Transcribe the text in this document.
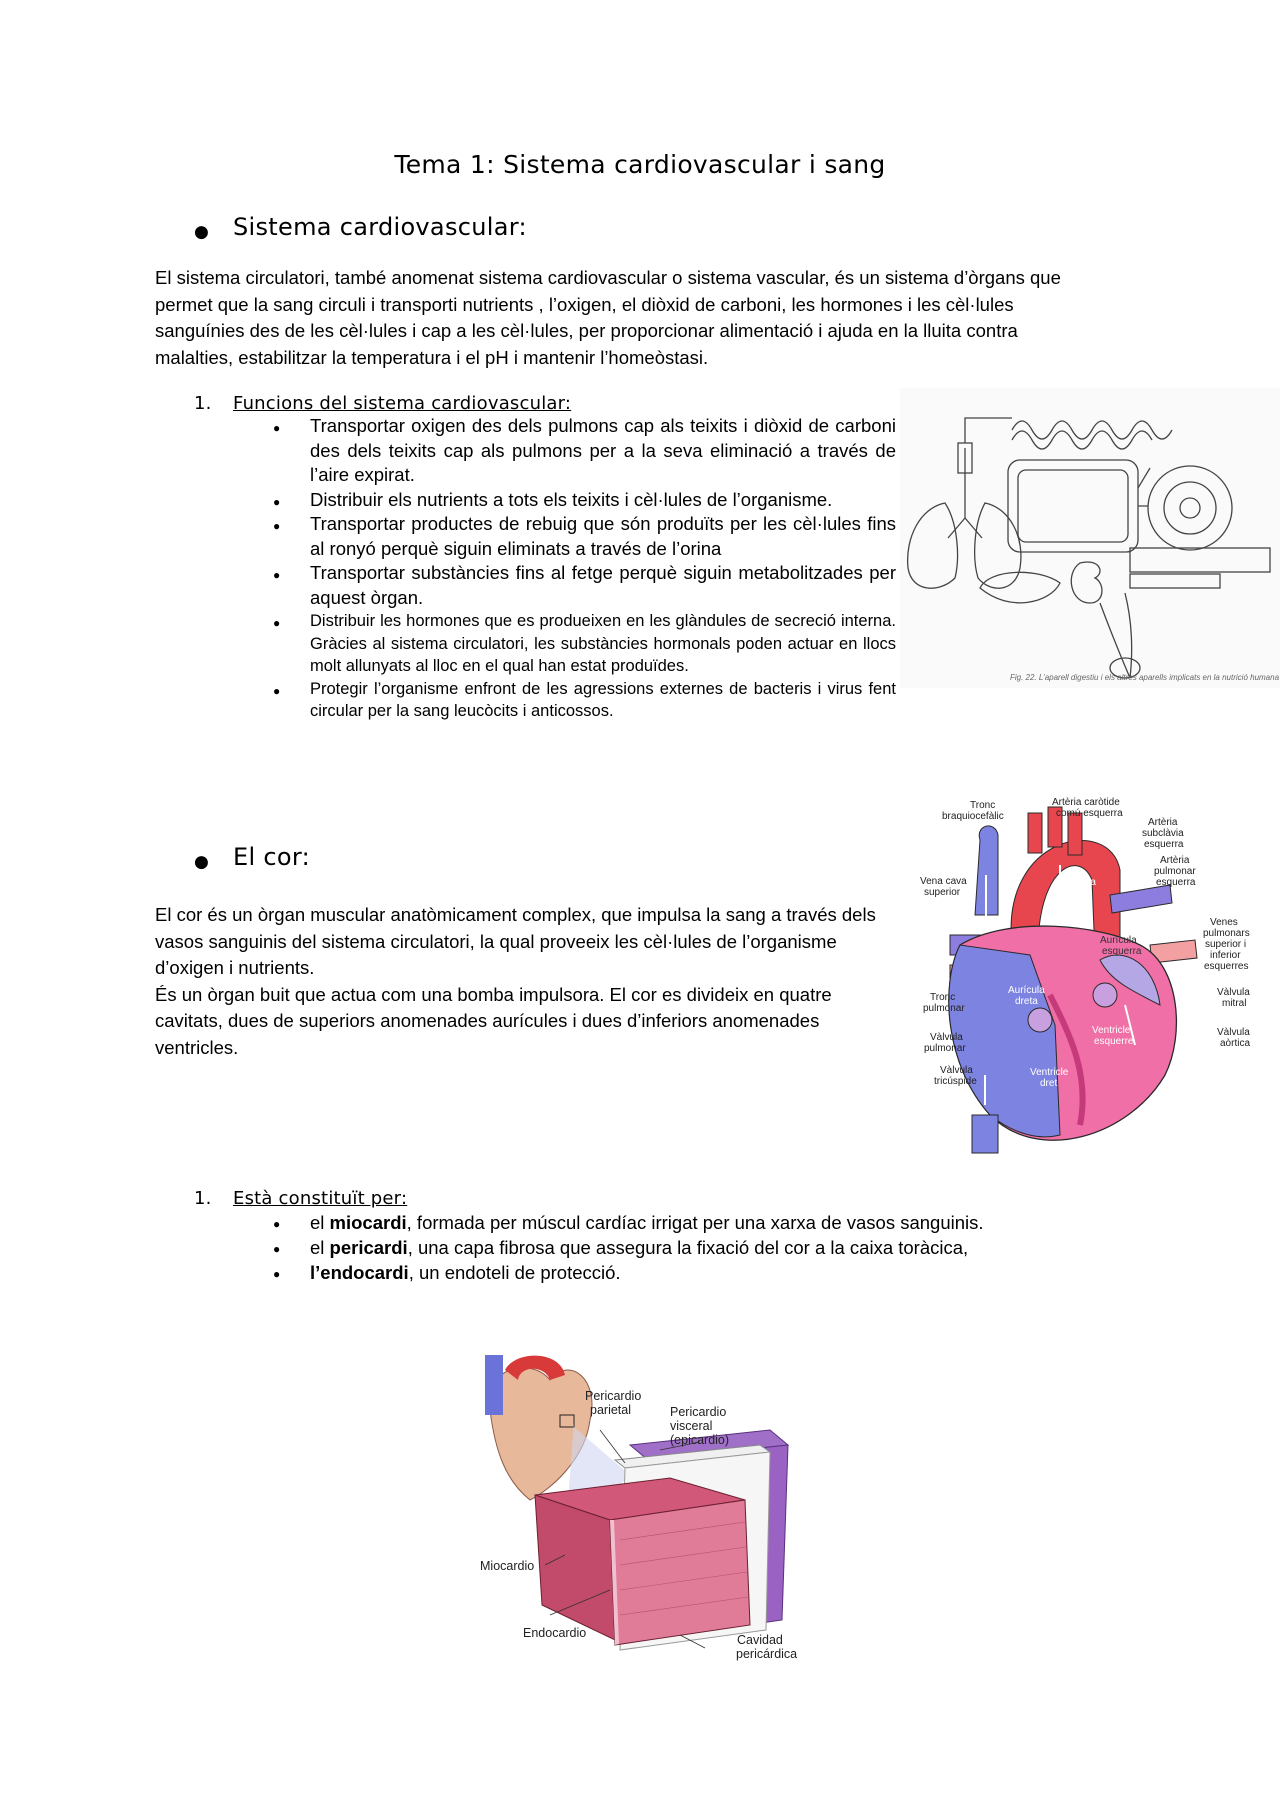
Tema 1: Sistema cardiovascular i sang
● Sistema cardiovascular:
El sistema circulatori, també anomenat sistema cardiovascular o sistema vascular, és un sistema d’òrgans que
permet que la sang circuli i transporti nutrients , l’oxigen, el diòxid de carboni, les hormones i les cèl·lules
sanguínies des de les cèl·lules i cap a les cèl·lules, per proporcionar alimentació i ajuda en la lluita contra
malalties, estabilitzar la temperatura i el pH i mantenir l’homeòstasi.
1. Funcions del sistema cardiovascular:
● Transportar oxigen des dels pulmons cap als teixits i diòxid de carboni des dels teixits cap als pulmons per a la seva eliminació a través de l’aire expirat.
● Distribuir els nutrients a tots els teixits i cèl·lules de l’organisme.
● Transportar productes de rebuig que són produïts per les cèl·lules fins al ronyó perquè siguin eliminats a través de l’orina
● Transportar substàncies fins al fetge perquè siguin metabolitzades per aquest òrgan.
● Distribuir les hormones que es produeixen en les glàndules de secreció interna. Gràcies al sistema circulatori, les substàncies hormonals poden actuar en llocs molt allunyats al lloc en el qual han estat produïdes.
● Protegir l’organisme enfront de les agressions externes de bacteris i virus fent circular per la sang leucòcits i anticossos.
Fig. 22. L’aparell digestiu i els altres aparells implicats en la nutrició humana
● El cor:
El cor és un òrgan muscular anatòmicament complex, que impulsa la sang a través dels
vasos sanguinis del sistema circulatori, la qual proveeix les cèl·lules de l’organisme
d’oxigen i nutrients.
És un òrgan buit que actua com una bomba impulsora. El cor es divideix en quatre
cavitats, dues de superiors anomenades aurícules i dues d’inferiors anomenades
ventricles.
Tronc
braquiocefàlic
Artèria caròtide
comú esquerra
Artèria
subclàvia
esquerra
Artèria
pulmonar
esquerra
Vena cava
superior
Aorta
Venes
pulmonars
superior i
inferior
esquerres
Aurícula
esquerra
Aurícula
dreta
Tronc
pulmonar
Vàlvula
mitral
Vàlvula
pulmonar
Ventricle
esquerre
Vàlvula
aòrtica
Vàlvula
tricúspide
Ventricle
dret
1. Està constituït per:
● el miocardi, formada per múscul cardíac irrigat per una xarxa de vasos sanguinis.
● el pericardi, una capa fibrosa que assegura la fixació del cor a la caixa toràcica,
● l’endocardi, un endoteli de protecció.
Pericardio
parietal	Pericardio
visceral
(epicardio)
Miocardio
Endocardio	Cavidad
pericárdica
